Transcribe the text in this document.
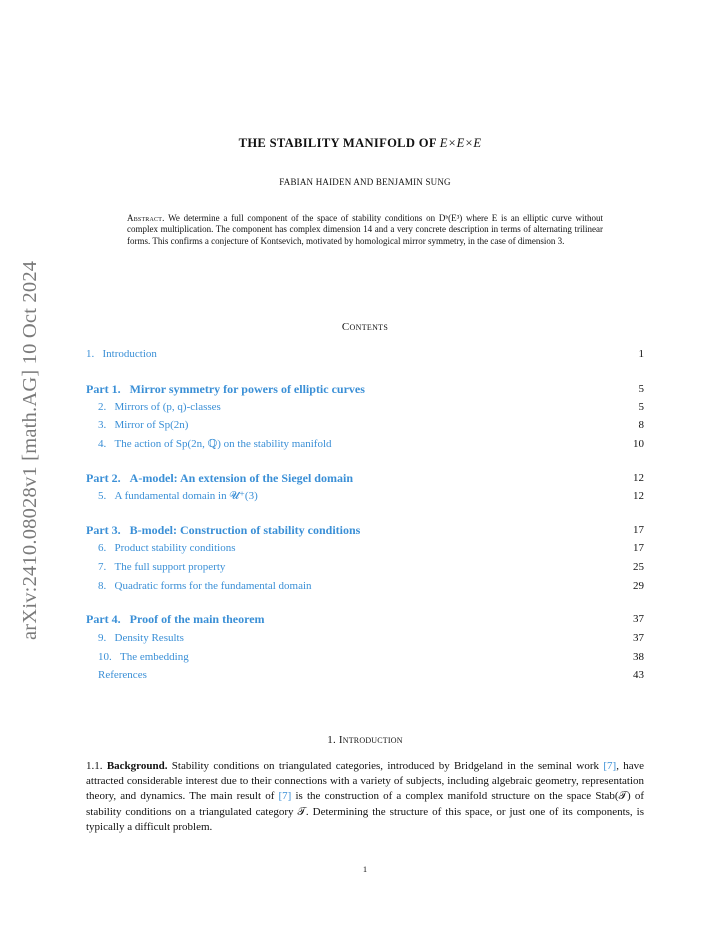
arXiv:2410.08028v1 [math.AG] 10 Oct 2024
THE STABILITY MANIFOLD OF E×E×E
FABIAN HAIDEN AND BENJAMIN SUNG
Abstract. We determine a full component of the space of stability conditions on Dᵇ(E³) where E is an elliptic curve without complex multiplication. The component has complex dimension 14 and a very concrete description in terms of alternating trilinear forms. This confirms a conjecture of Kontsevich, motivated by homological mirror symmetry, in the case of dimension 3.
Contents
1. Introduction	1
Part 1. Mirror symmetry for powers of elliptic curves	5
2. Mirrors of (p, q)-classes	5
3. Mirror of Sp(2n)	8
4. The action of Sp(2n, ℚ) on the stability manifold	10
Part 2. A-model: An extension of the Siegel domain	12
5. A fundamental domain in 𝓤⁺(3)	12
Part 3. B-model: Construction of stability conditions	17
6. Product stability conditions	17
7. The full support property	25
8. Quadratic forms for the fundamental domain	29
Part 4. Proof of the main theorem	37
9. Density Results	37
10. The embedding	38
References	43
1. Introduction
1.1. Background. Stability conditions on triangulated categories, introduced by Bridgeland in the seminal work [7], have attracted considerable interest due to their connections with a variety of subjects, including algebraic geometry, representation theory, and dynamics. The main result of [7] is the construction of a complex manifold structure on the space Stab(𝒯) of stability conditions on a triangulated category 𝒯. Determining the structure of this space, or just one of its components, is typically a difficult problem.
1
